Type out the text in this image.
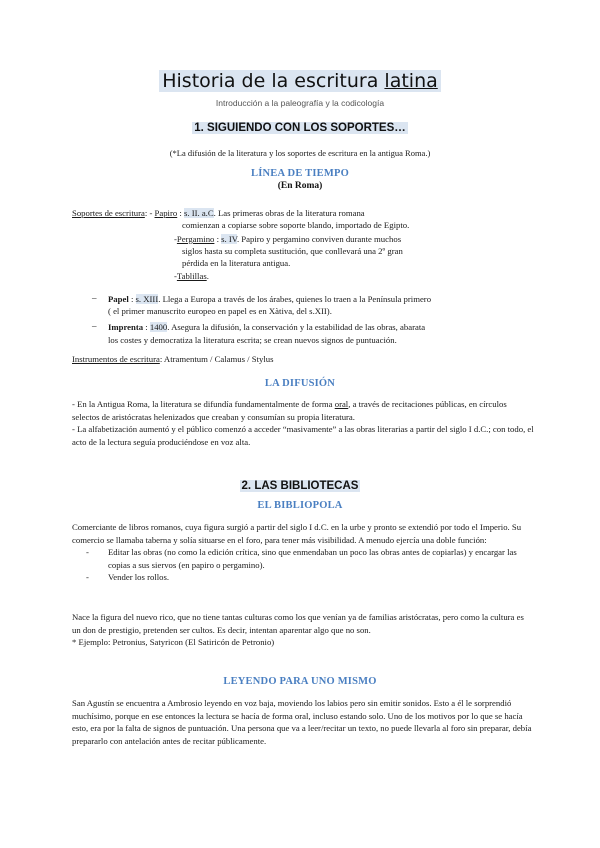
Historia de la escritura latina
Introducción a la paleografía y la codicología
1. SIGUIENDO CON LOS SOPORTES…
(*La difusión de la literatura y los soportes de escritura en la antigua Roma.)
LÍNEA DE TIEMPO
(En Roma)
Soportes de escritura: - Papiro : s. II. a.C. Las primeras obras de la literatura romana
comienzan a copiarse sobre soporte blando, importado de Egipto.
-Pergamino : s. IV. Papiro y pergamino conviven durante muchos
siglos hasta su completa sustitución, que conllevará una 2º gran
pérdida en la literatura antigua.
-Tablillas.
– Papel : s. XIII. Llega a Europa a través de los árabes, quienes lo traen a la Península primero
( el primer manuscrito europeo en papel es en Xàtiva, del s.XII).
– Imprenta : 1400. Asegura la difusión, la conservación y la estabilidad de las obras, abarata
los costes y democratiza la literatura escrita; se crean nuevos signos de puntuación.
Instrumentos de escritura: Atramentum / Calamus / Stylus
LA DIFUSIÓN

- En la Antigua Roma, la literatura se difundía fundamentalmente de forma oral, a través de recitaciones públicas, en círculos selectos de aristócratas helenizados que creaban y consumían su propia literatura.

- La alfabetización aumentó y el público comenzó a acceder “masivamente” a las obras literarias a partir del siglo I d.C.; con todo, el acto de la lectura seguía produciéndose en voz alta.

2. LAS BIBLIOTECAS
EL BIBLIOPOLA

Comerciante de libros romanos, cuya figura surgió a partir del siglo I d.C. en la urbe y pronto se extendió por todo el Imperio. Su comercio se llamaba taberna y solía situarse en el foro, para tener más visibilidad. A menudo ejercía una doble función:

- Editar las obras (no como la edición crítica, sino que enmendaban un poco las obras antes de copiarlas) y encargar las copias a sus siervos (en papiro o pergamino).
- Vender los rollos.

Nace la figura del nuevo rico, que no tiene tantas culturas como los que venían ya de familias aristócratas, pero como la cultura es un don de prestigio, pretenden ser cultos. Es decir, intentan aparentar algo que no son.

* Ejemplo: Petronius, Satyricon (El Satiricón de Petronio)

LEYENDO PARA UNO MISMO

San Agustín se encuentra a Ambrosio leyendo en voz baja, moviendo los labios pero sin emitir sonidos. Esto a él le sorprendió muchísimo, porque en ese entonces la lectura se hacía de forma oral, incluso estando solo. Uno de los motivos por lo que se hacía esto, era por la falta de signos de puntuación. Una persona que va a leer/recitar un texto, no puede llevarla al foro sin preparar, debía prepararlo con antelación antes de recitar públicamente.
